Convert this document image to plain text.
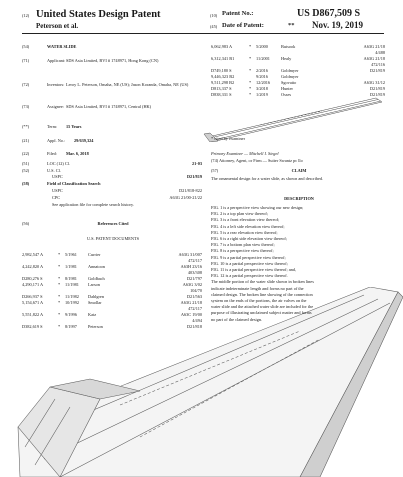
(12) United States Design Patent	(10) Patent No.:	US D867,509 S
Peterson et al.	(45) Date of Patent:	** Nov. 19, 2019
(54)	WATER SLIDE
(71)	Applicant: SDS Asia Limited, BVI # 1748971, Hong Kong (CN)
(72)	Inventors: Leroy L. Peterson, Omaha, NE (US); Jason Koranda, Omaha, NE (US)
(73)	Assignee: SDS Asia Limited, BVI # 1748971, Central (HK)
(**)	Term: 15 Years
(21)	Appl. No.: 29/639,324
(22)	Filed: Mar. 6, 2018
(51)	LOC (12) Cl.	21-03
(52)	U.S. Cl.
USPC	D21/819
(58)	Field of Classification Search
USPC	D21/818-822
CPC	A63G 21/00-21/22
See application file for complete search history.
(56)	References Cited
U.S. PATENT DOCUMENTS
* cited by examiner
Primary Examiner — Mitchell I. Siegel
(74) Attorney, Agent, or Firm — Suiter Swantz pc llo
(57)	CLAIM
The ornamental design for a water slide, as shown and described.
DESCRIPTION
2,982,547 A	* 5/1961	Currier	A63G 31/007
472/117
4,242,820 A	* 1/1981	Annatoon	A63H 23/16
403/308
D280,276 S	* 8/1981	Goldbach	D21/797
4,290,171 A	* 11/1981 Larson	A63G 3/02
104/70
D266,937 S	* 11/1982 Dahlgren	D21/563
5,154,671 A	* 10/1992 Smollar	A63G 21/18
472/117
5,551,822 A	* 9/1996	Katz	A63C 19/00
4/494
D382,619 S	* 8/1997	Peterson	D21/818
6,062,983 A	* 5/2000	Butsook	A63G 21/18
4/488
6,312,341 B1	* 11/2001	Healy	A63G 21/18
472/116
D749,180 S	* 2/2016	Goldmyer	D21/819
9,446,323 B2	9/2016	Goldmyer
9,511,298 B2	* 12/2016	Sgovatto	A63G 31/12
D813,337 S	* 3/2018	Hunter	D21/819
D838,331 S	* 1/2019	Osses	D21/819
FIG. 1 is a perspective view showing our new design;
FIG. 2 is a top plan view thereof;
FIG. 3 is a front elevation view thereof;
FIG. 4 is a left side elevation view thereof;
FIG. 5 is a rear elevation view thereof;
FIG. 6 is a right side elevation view thereof;
FIG. 7 is a bottom plan view thereof;
FIG. 8 is a perspective view thereof;
FIG. 9 is a partial perspective view thereof;
FIG. 10 is a partial perspective view thereof;
FIG. 11 is a partial perspective view thereof; and,
FIG. 12 is a partial perspective view thereof.
The middle portion of the water slide shown in broken lines
indicate indeterminate length and forms no part of the
claimed design. The broken line showing of the connection
system on the ends of the portions, the air valves on the
water slide and the attached water slide are included for the
purpose of illustrating unclaimed subject matter and forms
no part of the claimed design.
